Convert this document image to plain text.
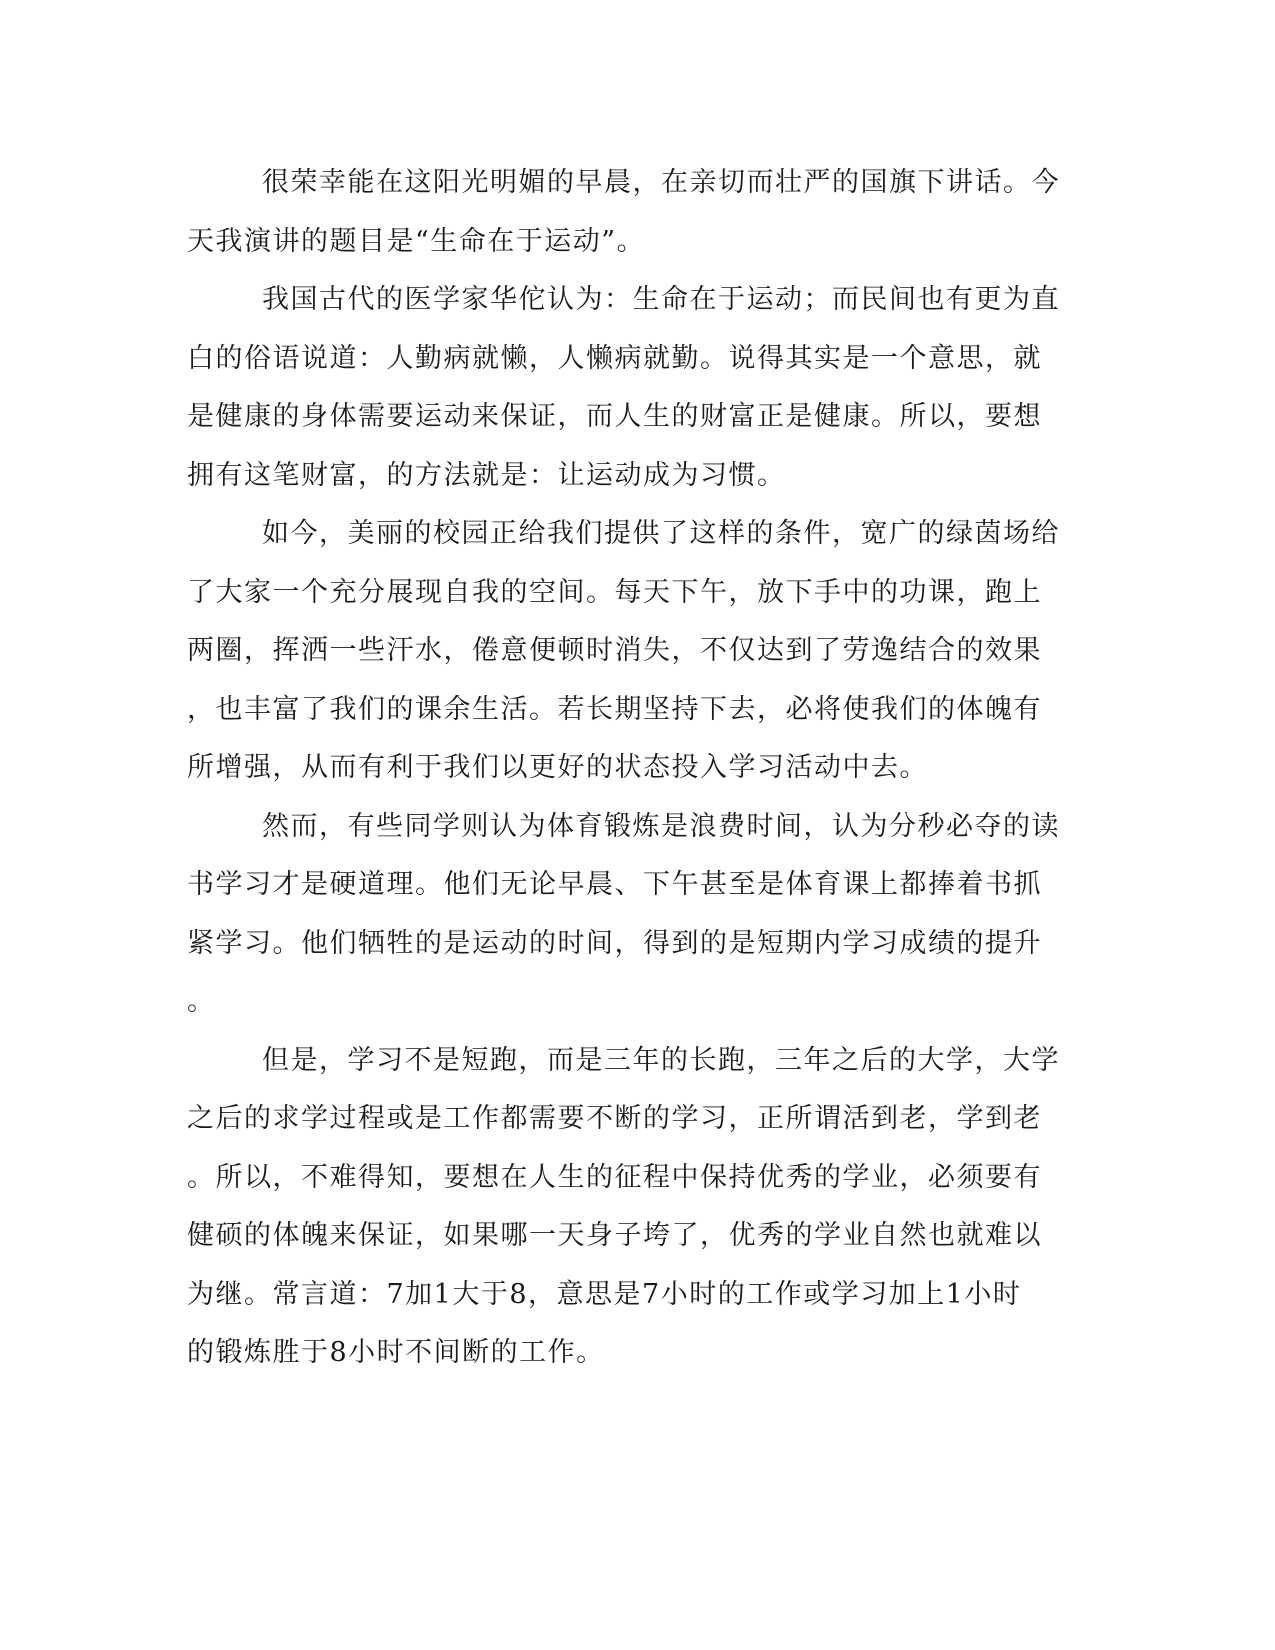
很荣幸能在这阳光明媚的早晨，在亲切而壮严的国旗下讲话。今

天我演讲的题目是“生命在于运动”。

我国古代的医学家华佗认为：生命在于运动；而民间也有更为直

白的俗语说道：人勤病就懒，人懒病就勤。说得其实是一个意思，就

是健康的身体需要运动来保证，而人生的财富正是健康。所以，要想

拥有这笔财富，的方法就是：让运动成为习惯。

如今，美丽的校园正给我们提供了这样的条件，宽广的绿茵场给

了大家一个充分展现自我的空间。每天下午，放下手中的功课，跑上

两圈，挥洒一些汗水，倦意便顿时消失，不仅达到了劳逸结合的效果

，也丰富了我们的课余生活。若长期坚持下去，必将使我们的体魄有

所增强，从而有利于我们以更好的状态投入学习活动中去。

然而，有些同学则认为体育锻炼是浪费时间，认为分秒必夺的读

书学习才是硬道理。他们无论早晨、下午甚至是体育课上都捧着书抓

紧学习。他们牺牲的是运动的时间，得到的是短期内学习成绩的提升

。

但是，学习不是短跑，而是三年的长跑，三年之后的大学，大学

之后的求学过程或是工作都需要不断的学习，正所谓活到老，学到老

。所以，不难得知，要想在人生的征程中保持优秀的学业，必须要有

健硕的体魄来保证，如果哪一天身子垮了，优秀的学业自然也就难以

为继。常言道：7加1大于8，意思是7小时的工作或学习加上1小时

的锻炼胜于8小时不间断的工作。
